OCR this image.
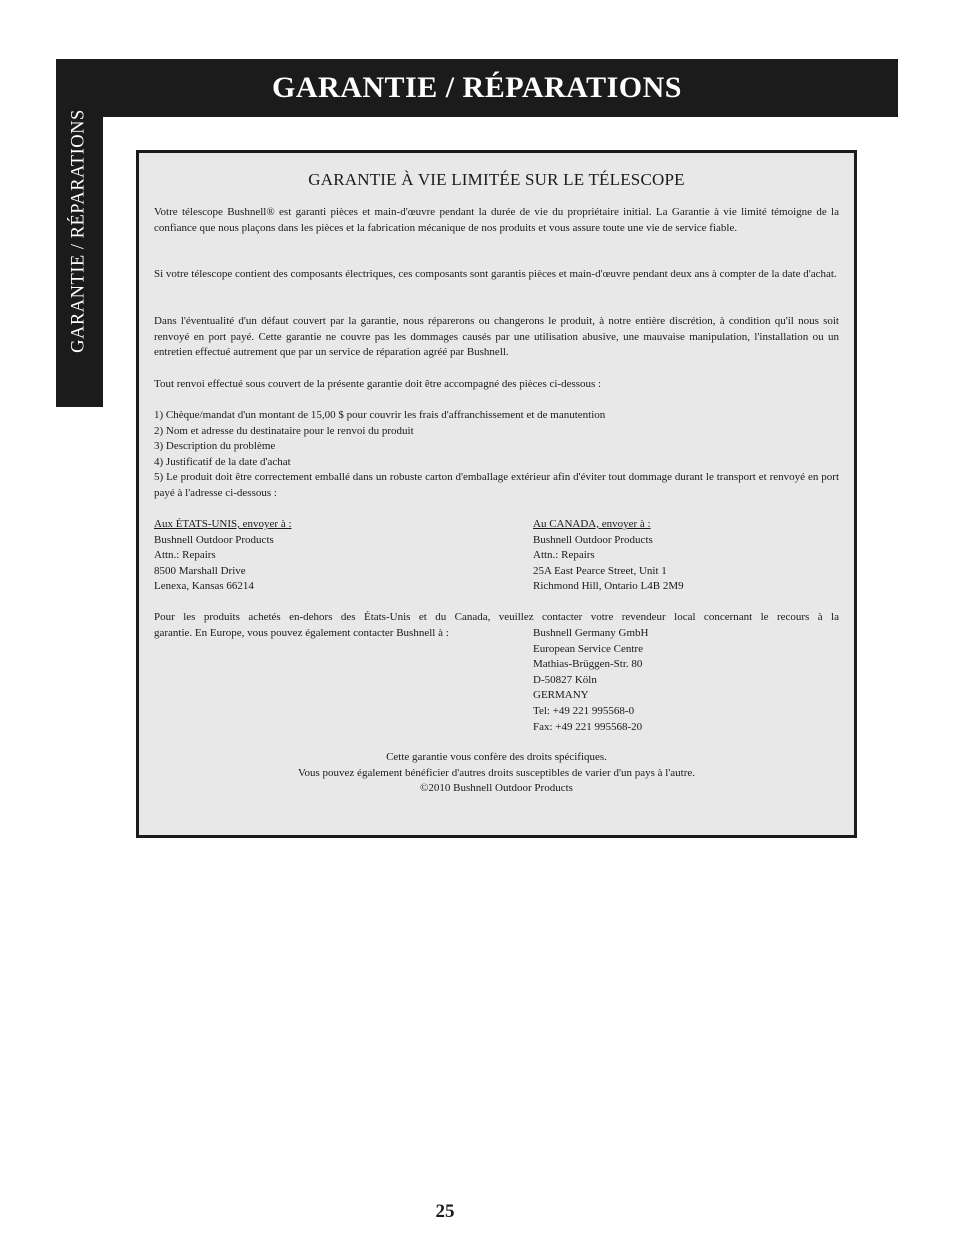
GARANTIE / RÉPARATIONS
GARANTIE / RÉPARATIONS	GARANTIE À VIE LIMITÉE SUR LE TÉLESCOPE

Votre télescope Bushnell® est garanti pièces et main-d'œuvre pendant la durée de vie du propriétaire initial. La Garantie à vie limité témoigne de la confiance que nous plaçons dans les pièces et la fabrication mécanique de nos produits et vous assure toute une vie de service fiable.

Si votre télescope contient des composants électriques, ces composants sont garantis pièces et main-d'œuvre pendant deux ans à compter de la date d'achat.

Dans l'éventualité d'un défaut couvert par la garantie, nous réparerons ou changerons le produit, à notre entière discrétion, à condition qu'il nous soit renvoyé en port payé. Cette garantie ne couvre pas les dommages causés par une utilisation abusive, une mauvaise manipulation, l'installation ou un entretien effectué autrement que par un service de réparation agréé par Bushnell.

Tout renvoi effectué sous couvert de la présente garantie doit être accompagné des pièces ci-dessous :

1) Chèque/mandat d'un montant de 15,00 $ pour couvrir les frais d'affranchissement et de manutention
2) Nom et adresse du destinataire pour le renvoi du produit
3) Description du problème
4) Justificatif de la date d'achat
5) Le produit doit être correctement emballé dans un robuste carton d'emballage extérieur afin d'éviter tout dommage durant le transport et renvoyé en port payé à l'adresse ci-dessous :
Aux ÉTATS-UNIS, envoyer à :
Bushnell Outdoor Products
Attn.: Repairs
8500 Marshall Drive
Lenexa, Kansas 66214
Au CANADA, envoyer à :
Bushnell Outdoor Products
Attn.: Repairs
25A East Pearce Street, Unit 1
Richmond Hill, Ontario L4B 2M9

Pour les produits achetés en-dehors des États-Unis et du Canada, veuillez contacter votre revendeur local concernant le recours à la

garantie. En Europe, vous pouvez également contacter Bushnell à :	Bushnell Germany GmbH
European Service Centre
Mathias-Brüggen-Str. 80
D-50827 Köln
GERMANY
Tel: +49 221 995568-0
Fax: +49 221 995568-20
Cette garantie vous confère des droits spécifiques.
Vous pouvez également bénéficier d'autres droits susceptibles de varier d'un pays à l'autre.
©2010 Bushnell Outdoor Products
25
